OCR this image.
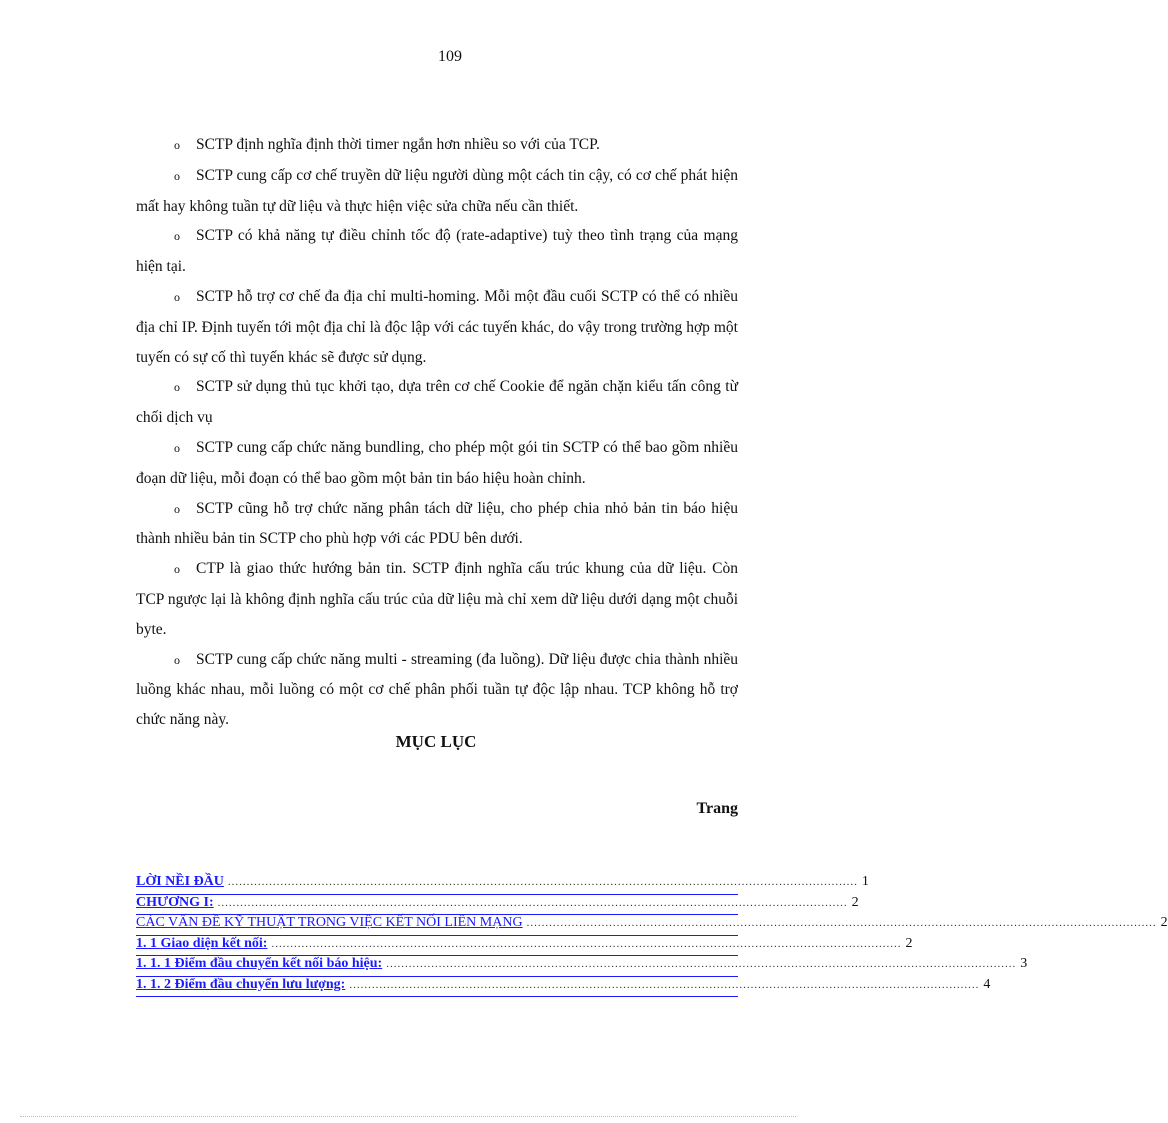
109

o SCTP định nghĩa định thời timer ngắn hơn nhiều so với của TCP.

o SCTP cung cấp cơ chế truyền dữ liệu người dùng một cách tin cậy, có cơ chế phát hiện mất hay không tuần tự dữ liệu và thực hiện việc sửa chữa nếu cần thiết.

o SCTP có khả năng tự điều chỉnh tốc độ (rate-adaptive) tuỳ theo tình trạng của mạng hiện tại.

o SCTP hỗ trợ cơ chế đa địa chỉ multi-homing. Mỗi một đầu cuối SCTP có thể có nhiều địa chỉ IP. Định tuyến tới một địa chỉ là độc lập với các tuyến khác, do vậy trong trường hợp một tuyến có sự cố thì tuyến khác sẽ được sử dụng.

o SCTP sử dụng thủ tục khởi tạo, dựa trên cơ chế Cookie để ngăn chặn kiểu tấn công từ chối dịch vụ

o SCTP cung cấp chức năng bundling, cho phép một gói tin SCTP có thể bao gồm nhiều đoạn dữ liệu, mỗi đoạn có thể bao gồm một bản tin báo hiệu hoàn chỉnh.

o SCTP cũng hỗ trợ chức năng phân tách dữ liệu, cho phép chia nhỏ bản tin báo hiệu thành nhiều bản tin SCTP cho phù hợp với các PDU bên dưới.

o CTP là giao thức hướng bản tin. SCTP định nghĩa cấu trúc khung của dữ liệu. Còn TCP ngược lại là không định nghĩa cấu trúc của dữ liệu mà chỉ xem dữ liệu dưới dạng một chuỗi byte.

o SCTP cung cấp chức năng multi - streaming (đa luồng). Dữ liệu được chia thành nhiều luồng khác nhau, mỗi luồng có một cơ chế phân phối tuần tự độc lập nhau. TCP không hỗ trợ chức năng này.

MỤC LỤC
Trang
LỜI NỀI ĐẦU ........................................................................................................................................................................ 1
CHƯƠNG I: ........................................................................................................................................................................ 2
CÁC VẤN ĐỀ KỸ THUẬT TRONG VIỆC KẾT NỐI LIÊN MẠNG ........................................................................................................................................................................ 2
1. 1 Giao diện kết nối: ........................................................................................................................................................................ 2
1. 1. 1 Điểm đầu chuyển kết nối báo hiệu: ........................................................................................................................................................................ 3
1. 1. 2 Điểm đầu chuyển lưu lượng: ........................................................................................................................................................................ 4
